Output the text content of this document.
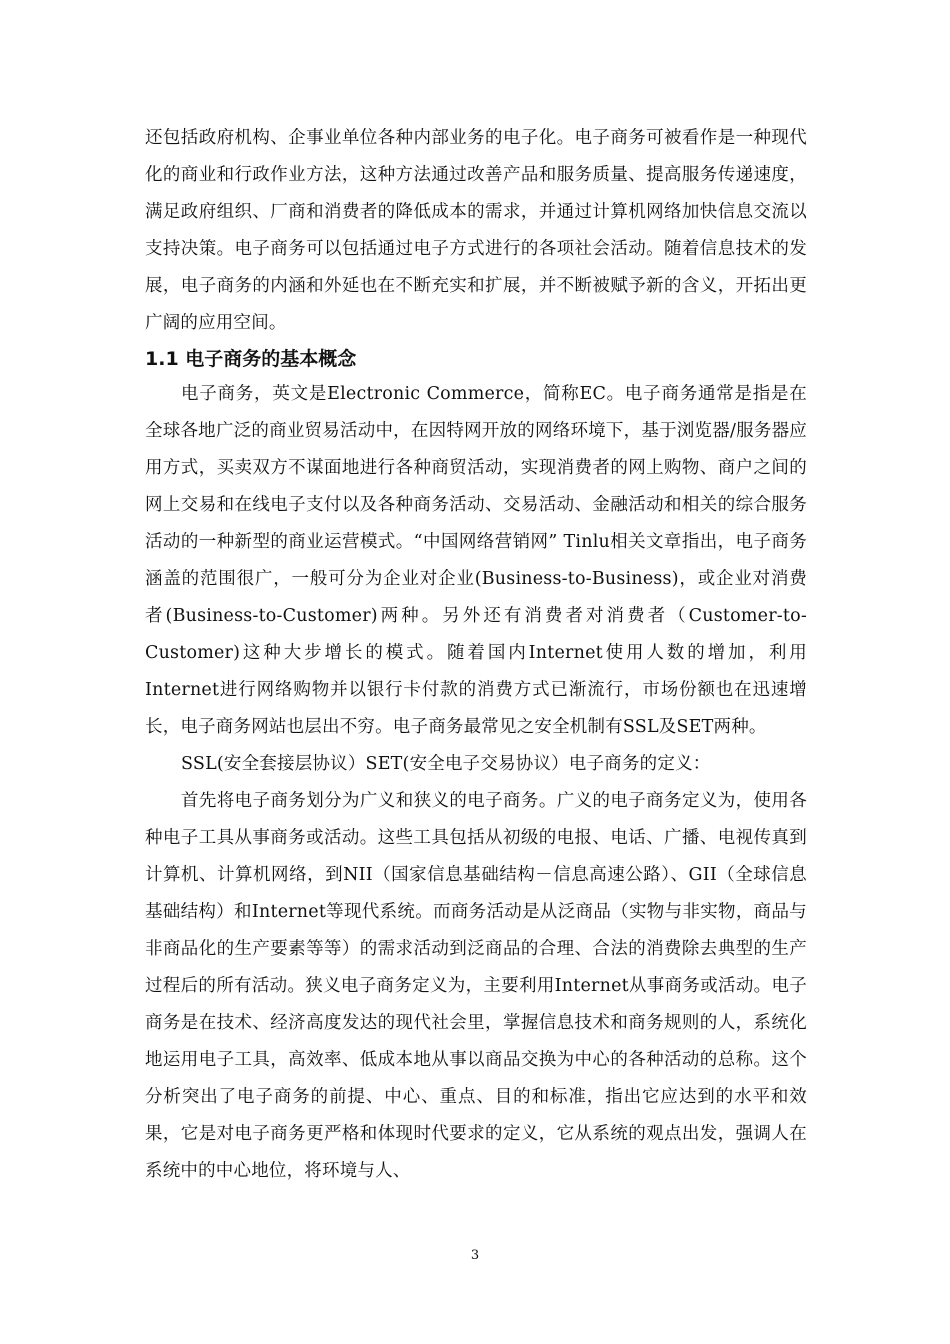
还包括政府机构、企事业单位各种内部业务的电子化。电子商务可被看作是一种现代化的商业和行政作业方法，这种方法通过改善产品和服务质量、提高服务传递速度，满足政府组织、厂商和消费者的降低成本的需求，并通过计算机网络加快信息交流以支持决策。电子商务可以包括通过电子方式进行的各项社会活动。随着信息技术的发展，电子商务的内涵和外延也在不断充实和扩展，并不断被赋予新的含义，开拓出更广阔的应用空间。

1.1 电子商务的基本概念

电子商务，英文是Electronic Commerce，简称EC。电子商务通常是指是在全球各地广泛的商业贸易活动中，在因特网开放的网络环境下，基于浏览器/服务器应用方式，买卖双方不谋面地进行各种商贸活动，实现消费者的网上购物、商户之间的网上交易和在线电子支付以及各种商务活动、交易活动、金融活动和相关的综合服务活动的一种新型的商业运营模式。“中国网络营销网” Tinlu相关文章指出，电子商务涵盖的范围很广，一般可分为企业对企业(Business-to-Business)，或企业对消费者(Business-to-Customer)两种。另外还有消费者对消费者（Customer-to-Customer)这种大步增长的模式。随着国内Internet使用人数的增加，利用Internet进行网络购物并以银行卡付款的消费方式已渐流行，市场份额也在迅速增长，电子商务网站也层出不穷。电子商务最常见之安全机制有SSL及SET两种。

SSL(安全套接层协议）SET(安全电子交易协议）电子商务的定义：

首先将电子商务划分为广义和狭义的电子商务。广义的电子商务定义为，使用各种电子工具从事商务或活动。这些工具包括从初级的电报、电话、广播、电视传真到计算机、计算机网络，到NII（国家信息基础结构－信息高速公路）、GII（全球信息基础结构）和Internet等现代系统。而商务活动是从泛商品（实物与非实物，商品与非商品化的生产要素等等）的需求活动到泛商品的合理、合法的消费除去典型的生产过程后的所有活动。狭义电子商务定义为，主要利用Internet从事商务或活动。电子商务是在技术、经济高度发达的现代社会里，掌握信息技术和商务规则的人，系统化地运用电子工具，高效率、低成本地从事以商品交换为中心的各种活动的总称。这个分析突出了电子商务的前提、中心、重点、目的和标准，指出它应达到的水平和效果，它是对电子商务更严格和体现时代要求的定义，它从系统的观点出发，强调人在系统中的中心地位，将环境与人、

3
